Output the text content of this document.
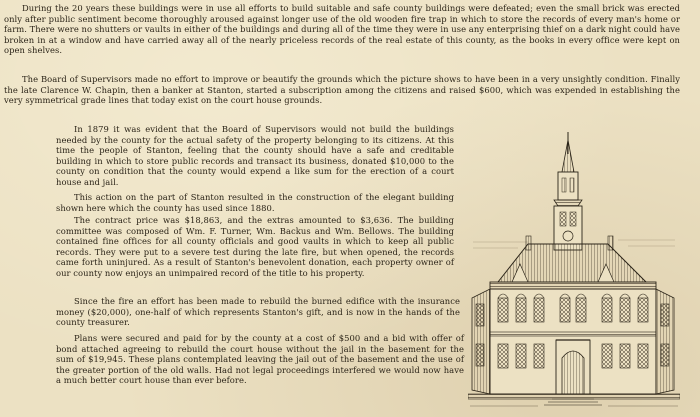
During the 20 years these buildings were in use all efforts to build suitable and safe county buildings were defeated; even the small brick was erected only after public sentiment become thoroughly aroused against longer use of the old wooden fire trap in which to store the records of every man's home or farm. There were no shutters or vaults in either of the buildings and during all of the time they were in use any enterprising thief on a dark night could have broken in at a window and have carried away all of the nearly priceless records of the real estate of this county, as the books in every office were kept on open shelves.

The Board of Supervisors made no effort to improve or beautify the grounds which the picture shows to have been in a very unsightly condition. Finally the late Clarence W. Chapin, then a banker at Stanton, started a subscription among the citizens and raised $600, which was expended in establishing the very symmetrical grade lines that today exist on the court house grounds.

In 1879 it was evident that the Board of Supervisors would not build the buildings needed by the county for the actual safety of the property belonging to its citizens. At this time the people of Stanton, feeling that the county should have a safe and creditable building in which to store public records and transact its business, donated $10,000 to the county on condition that the county would expend a like sum for the erection of a court house and jail.

This action on the part of Stanton resulted in the construction of the elegant building shown here which the county has used since 1880.

The contract price was $18,863, and the extras amounted to $3,636. The building committee was composed of Wm. F. Turner, Wm. Backus and Wm. Bellows. The building contained fine offices for all county officials and good vaults in which to keep all public records. They were put to a severe test during the late fire, but when opened, the records came forth uninjured. As a result of Stanton's benevolent donation, each property owner of our county now enjoys an unimpaired record of the title to his property.

Since the fire an effort has been made to rebuild the burned edifice with the insurance money ($20,000), one-half of which represents Stanton's gift, and is now in the hands of the county treasurer.

Plans were secured and paid for by the county at a cost of $500 and a bid with offer of bond attached agreeing to rebuild the court house without the jail in the basement for the sum of $19,945. These plans contemplated leaving the jail out of the basement and the use of the greater portion of the old walls. Had not legal proceedings interfered we would now have a much better court house than ever before.
